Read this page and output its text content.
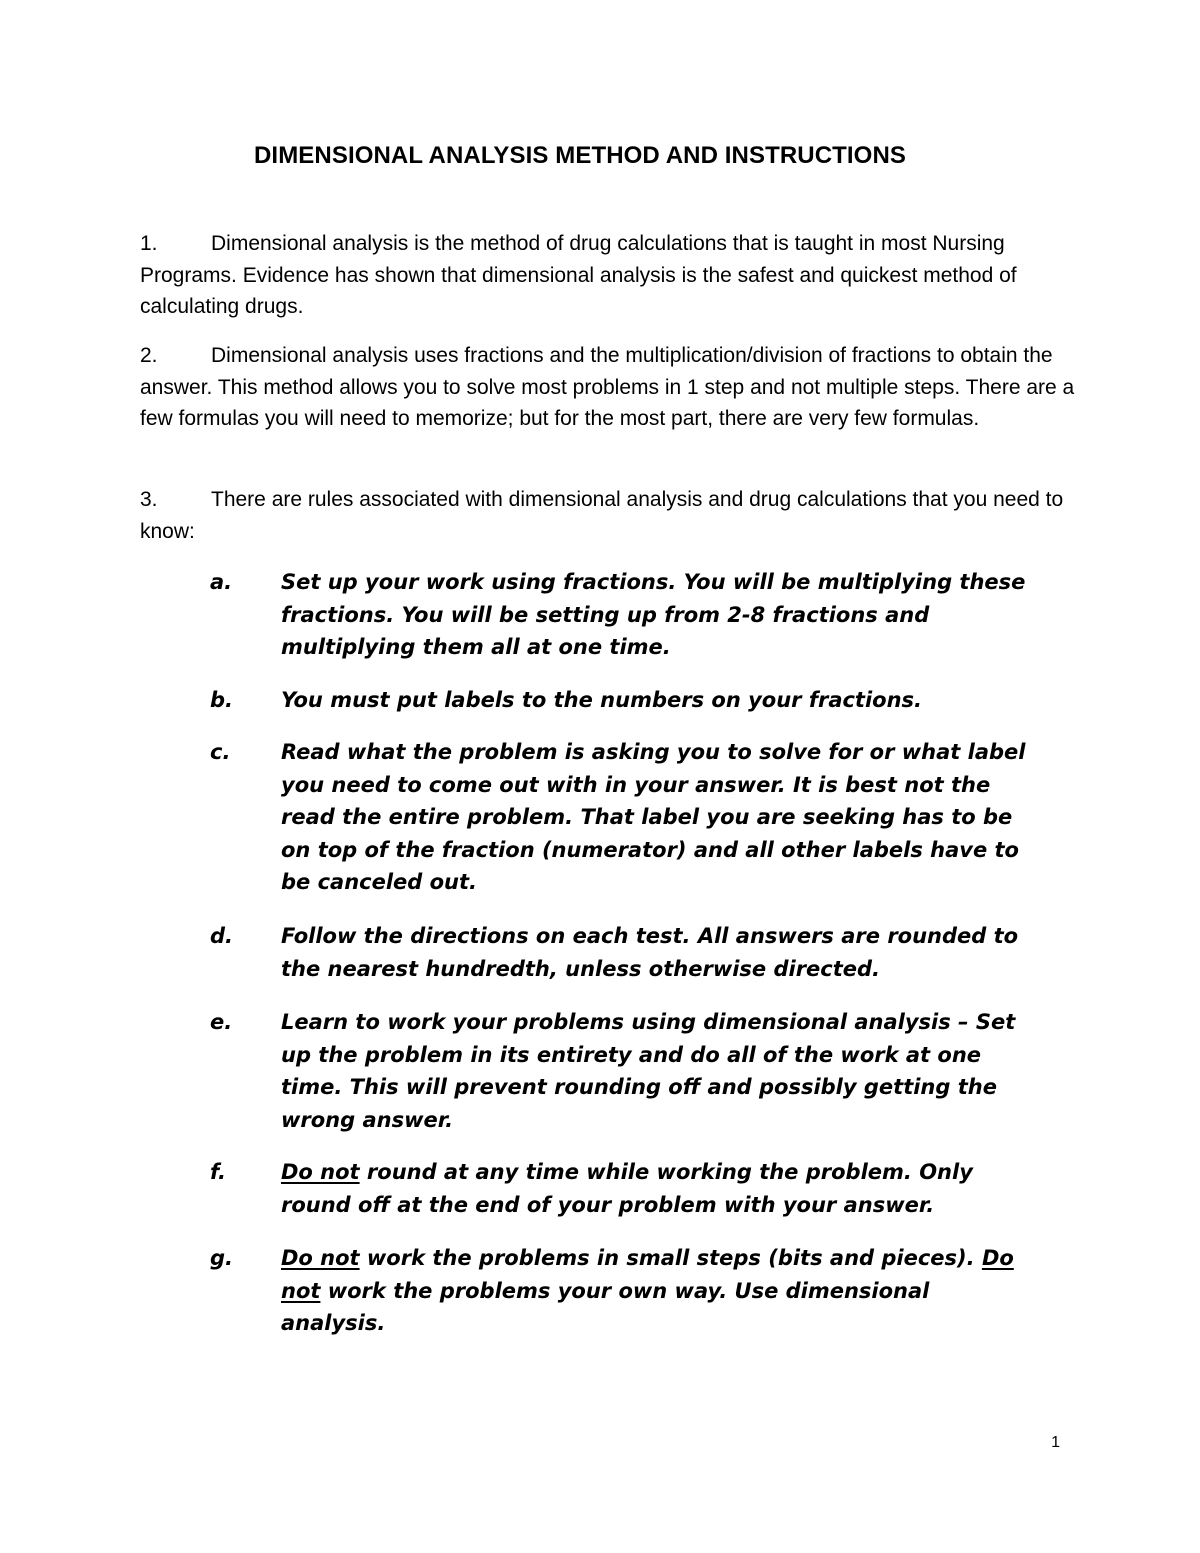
DIMENSIONAL ANALYSIS METHOD AND INSTRUCTIONS

1.	Dimensional analysis is the method of drug calculations that is taught in most Nursing Programs. Evidence has shown that dimensional analysis is the safest and quickest method of calculating drugs.

2.	Dimensional analysis uses fractions and the multiplication/division of fractions to obtain the answer. This method allows you to solve most problems in 1 step and not multiple steps. There are a few formulas you will need to memorize; but for the most part, there are very few formulas.

3.	There are rules associated with dimensional analysis and drug calculations that you need to know:

a. Set up your work using fractions. You will be multiplying these fractions. You will be setting up from 2-8 fractions and multiplying them all at one time.
b. You must put labels to the numbers on your fractions.
c. Read what the problem is asking you to solve for or what label you need to come out with in your answer. It is best not the read the entire problem. That label you are seeking has to be on top of the fraction (numerator) and all other labels have to be canceled out.
d. Follow the directions on each test. All answers are rounded to the nearest hundredth, unless otherwise directed.
e. Learn to work your problems using dimensional analysis – Set up the problem in its entirety and do all of the work at one time. This will prevent rounding off and possibly getting the wrong answer.
f.	Do not round at any time while working the problem. Only round off at the end of your problem with your answer.
g. Do not work the problems in small steps (bits and pieces). Do not work the problems your own way. Use dimensional analysis.
1
